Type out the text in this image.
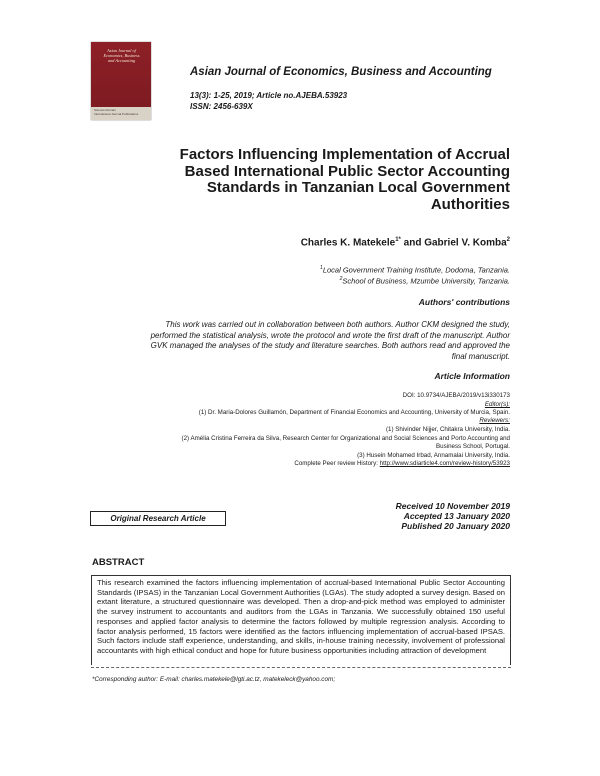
Asian Journal of
Economics, Business
and Accounting
Science Domain
International Journal Publications
Asian Journal of Economics, Business and Accounting
13(3): 1-25, 2019; Article no.AJEBA.53923
ISSN: 2456-639X
Factors Influencing Implementation of Accrual
Based International Public Sector Accounting
Standards in Tanzanian Local Government
Authorities
Charles K. Matekele$^{1*}$ and Gabriel V. Komba$^2$
$^1$Local Government Training Institute, Dodoma, Tanzania.
$^2$School of Business, Mzumbe University, Tanzania.
Authors' contributions
This work was carried out in collaboration between both authors. Author CKM designed the study,
performed the statistical analysis, wrote the protocol and wrote the first draft of the manuscript. Author
GVK managed the analyses of the study and literature searches. Both authors read and approved the
final manuscript.
Article Information
DOI: 10.9734/AJEBA/2019/v13i330173
Editor(s):
(1) Dr. Maria-Dolores Guillamón, Department of Financial Economics and Accounting, University of Murcia, Spain.
Reviewers:
(1) Shivinder Nijjer, Chitakra University, India.
(2) Amélia Cristina Ferreira da Silva, Research Center for Organizational and Social Sciences and Porto Accounting and
Business School, Portugal.
(3) Husein Mohamed Irbad, Annamalai University, India.
Complete Peer review History: http://www.sdiarticle4.com/review-history/53923
Received 10 November 2019
Accepted 13 January 2020
Published 20 January 2020
Original Research Article
ABSTRACT
This research examined the factors influencing implementation of accrual-based International Public Sector Accounting Standards (IPSAS) in the Tanzanian Local Government Authorities (LGAs). The study adopted a survey design. Based on extant literature, a structured questionnaire was developed. Then a drop-and-pick method was employed to administer the survey instrument to accountants and auditors from the LGAs in Tanzania. We successfully obtained 150 useful responses and applied factor analysis to determine the factors followed by multiple regression analysis. According to factor analysis performed, 15 factors were identified as the factors influencing implementation of accrual-based IPSAS. Such factors include staff experience, understanding, and skills, in-house training necessity, involvement of professional accountants with high ethical conduct and hope for future business opportunities including attraction of development
*Corresponding author: E-mail: charles.matekele@lgti.ac.tz, matekeleck@yahoo.com;
